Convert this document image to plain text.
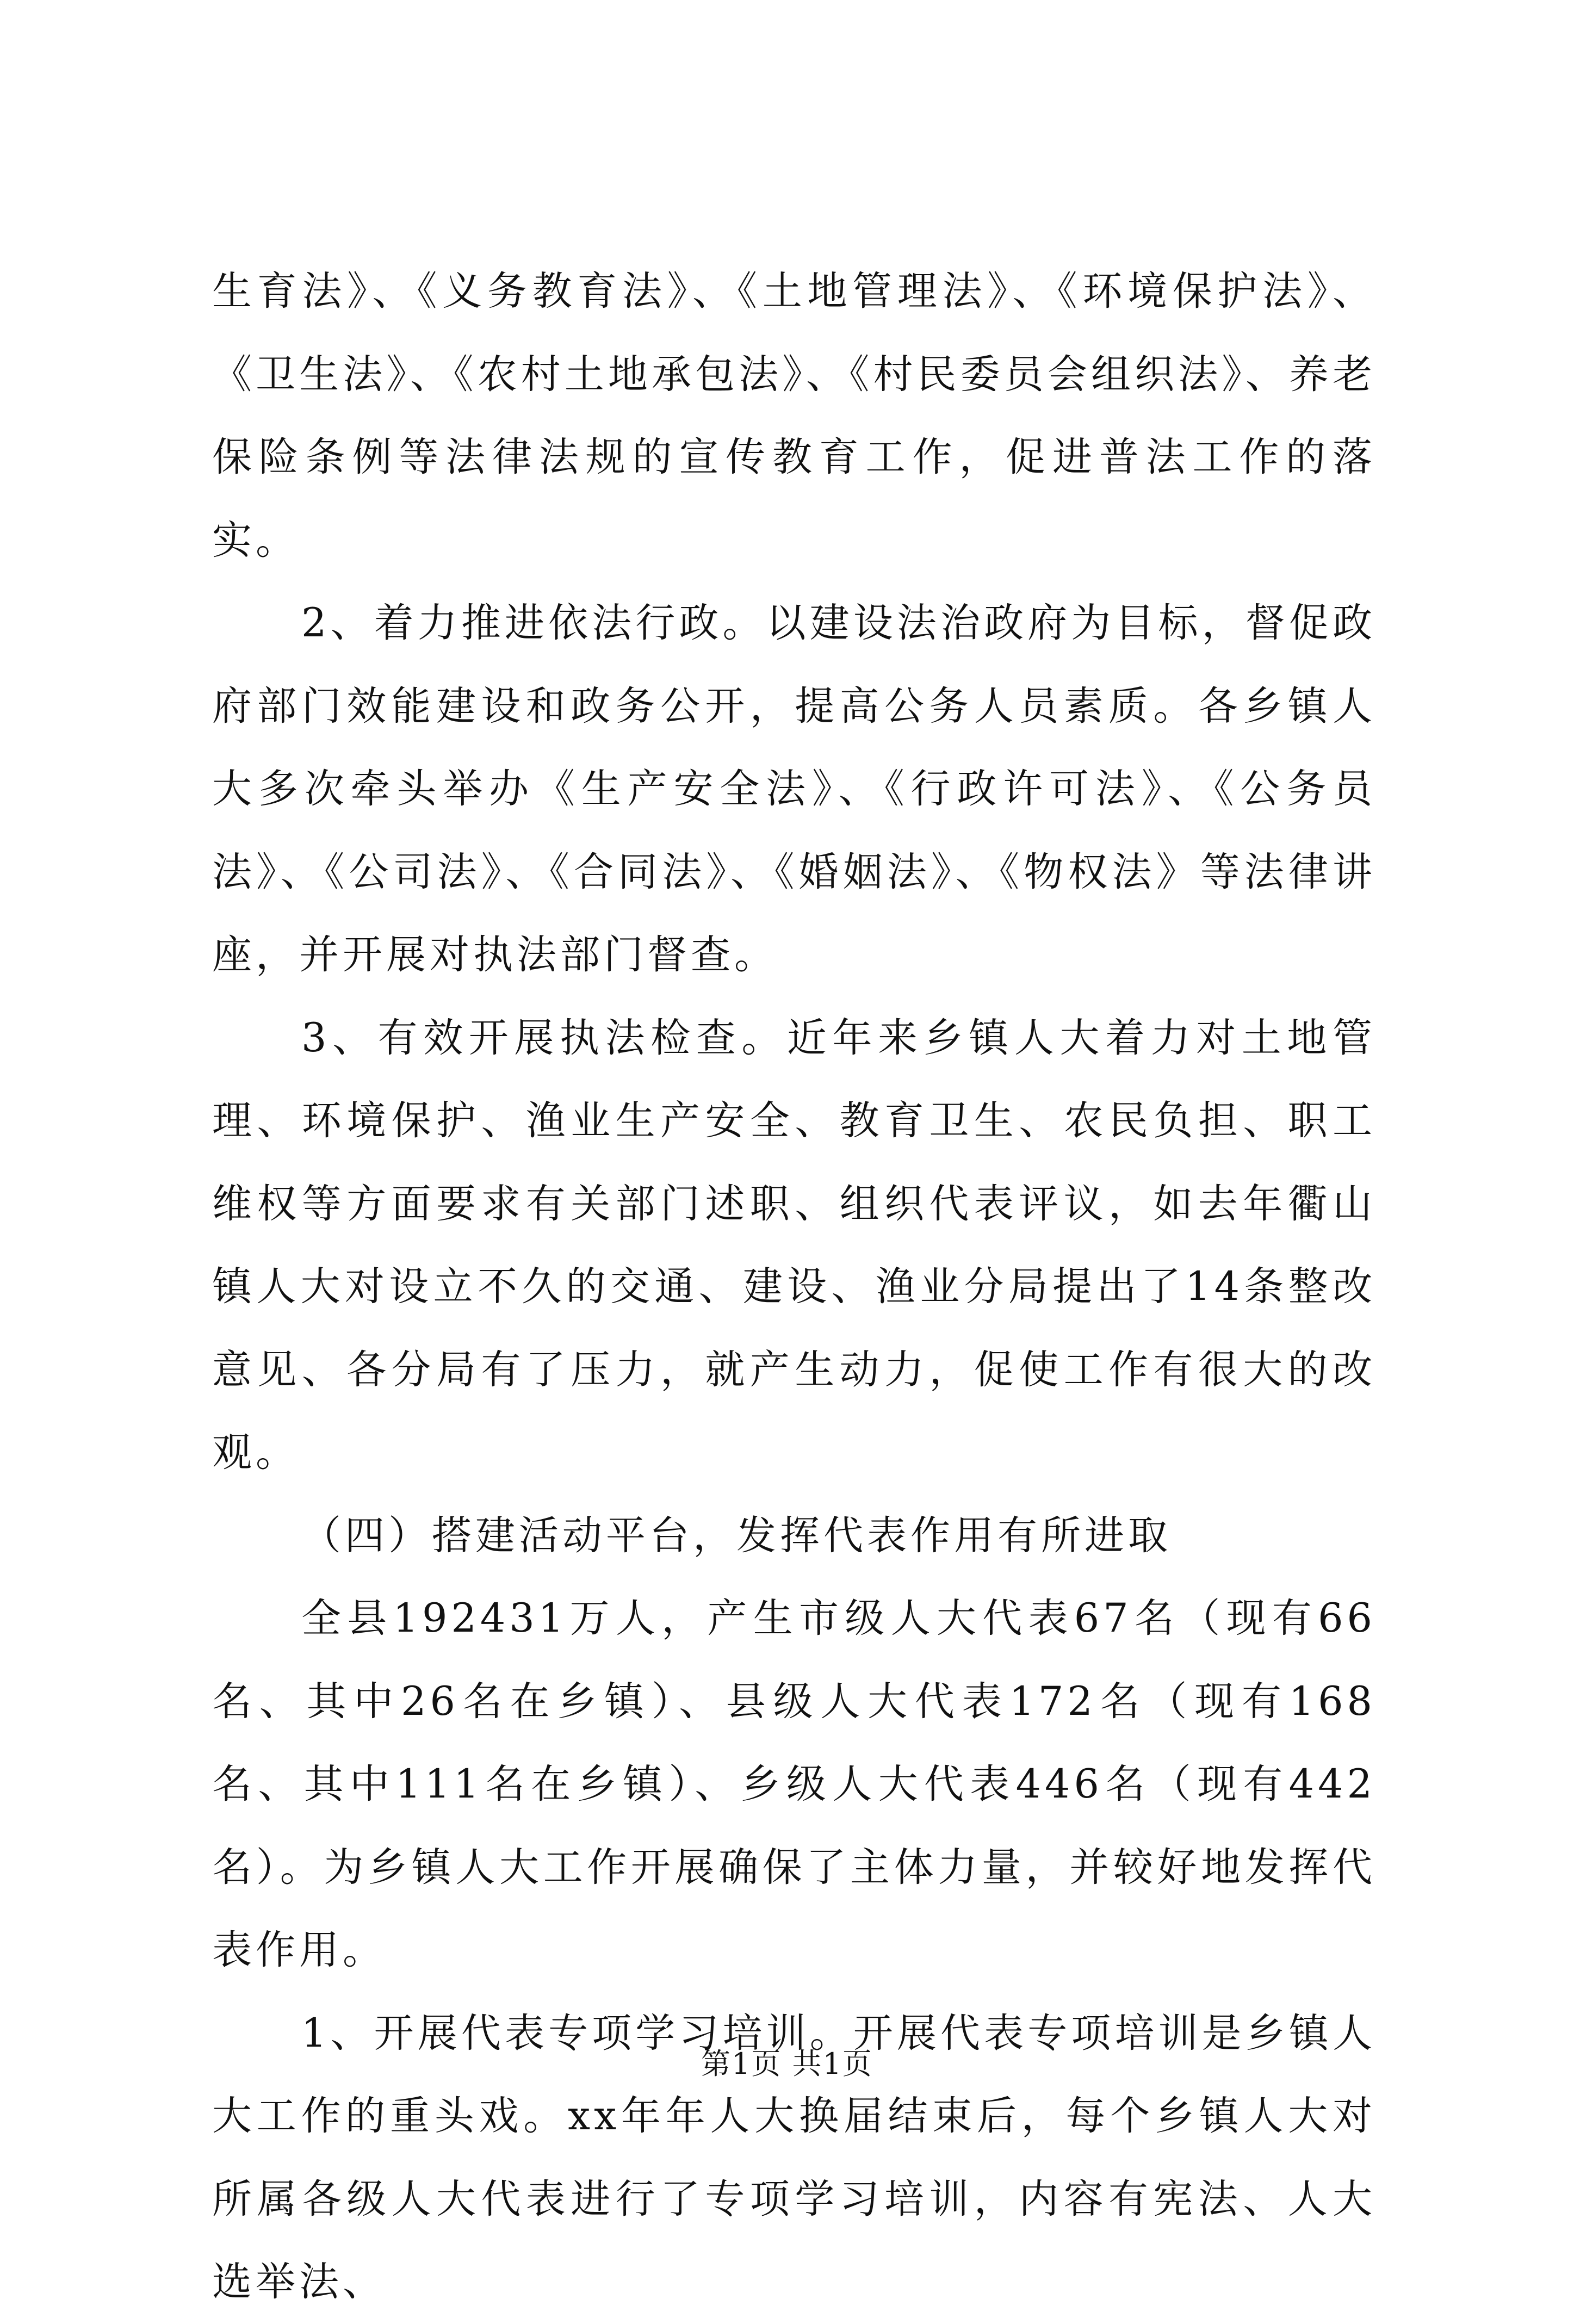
生育法》、《义务教育法》、《土地管理法》、《环境保护法》、《卫生法》、《农村土地承包法》、《村民委员会组织法》、养老保险条例等法律法规的宣传教育工作，促进普法工作的落实。

2、着力推进依法行政。以建设法治政府为目标，督促政府部门效能建设和政务公开，提高公务人员素质。各乡镇人大多次牵头举办《生产安全法》、《行政许可法》、《公务员法》、《公司法》、《合同法》、《婚姻法》、《物权法》等法律讲座，并开展对执法部门督查。

3、有效开展执法检查。近年来乡镇人大着力对土地管理、环境保护、渔业生产安全、教育卫生、农民负担、职工维权等方面要求有关部门述职、组织代表评议，如去年衢山镇人大对设立不久的交通、建设、渔业分局提出了14条整改意见、各分局有了压力，就产生动力，促使工作有很大的改观。

（四）搭建活动平台，发挥代表作用有所进取

全县192431万人，产生市级人大代表67名（现有66名、其中26名在乡镇）、县级人大代表172名（现有168名、其中111名在乡镇）、乡级人大代表446名（现有442名）。为乡镇人大工作开展确保了主体力量，并较好地发挥代表作用。

1、开展代表专项学习培训。开展代表专项培训是乡镇人大工作的重头戏。xx年年人大换届结束后，每个乡镇人大对所属各级人大代表进行了专项学习培训，内容有宪法、人大选举法、

第1页 共1页
